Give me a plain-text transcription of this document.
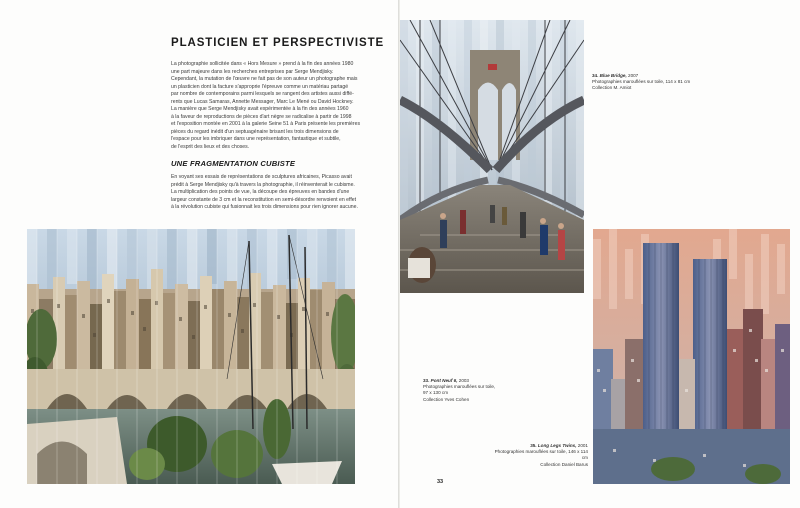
PLASTICIEN ET PERSPECTIVISTE
La photographie sollicitée dans « Hors Mesure » prend à la fin des années 1980
une part majeure dans les recherches entreprises par Serge Mendjisky.
Cependant, la mutation de l'œuvre ne fait pas de son auteur un photographe mais
un plasticien dont la facture s'approprie l'épreuve comme un matériau partagé
par nombre de contemporains parmi lesquels se rangent des artistes aussi diffé-
rents que Lucas Samaras, Annette Messager, Marc Le Mené ou David Hockney.
La manière que Serge Mendjisky avait expérimentée à la fin des années 1960
à la faveur de reproductions de pièces d'art nègre se radicalise à partir de 1998
et l'exposition montée en 2001 à la galerie Seine 51 à Paris présente les premières
pièces du regard inédit d'un septuagénaire brisant les trois dimensions de
l'espace pour les imbriquer dans une représentation, fantastique et subtile,
de l'esprit des lieux et des choses.
UNE FRAGMENTATION CUBISTE
En voyant ses essais de représentations de sculptures africaines, Picasso avait
prédit à Serge Mendjisky qu'à travers la photographie, il réinventerait le cubisme.
La multiplication des points de vue, la découpe des épreuves en bandes d'une
largeur constante de 3 cm et la reconstitution en semi-désordre renvoient en effet
à la révolution cubiste qui fusionnait les trois dimensions pour rien ignorer aucune.
34. Blue Bridge, 2007
Photographies marouflées sur toile, 114 x 81 cm
Collection M. Amiot
33. Pont Neuf 6, 2003
Photographies marouflées sur toile,
97 x 130 cm
Collection Yves Cohen
35. Long Legs Twins, 2001
Photographies marouflées sur toile, 146 x 114 cm
Collection Daniel Barus
33
